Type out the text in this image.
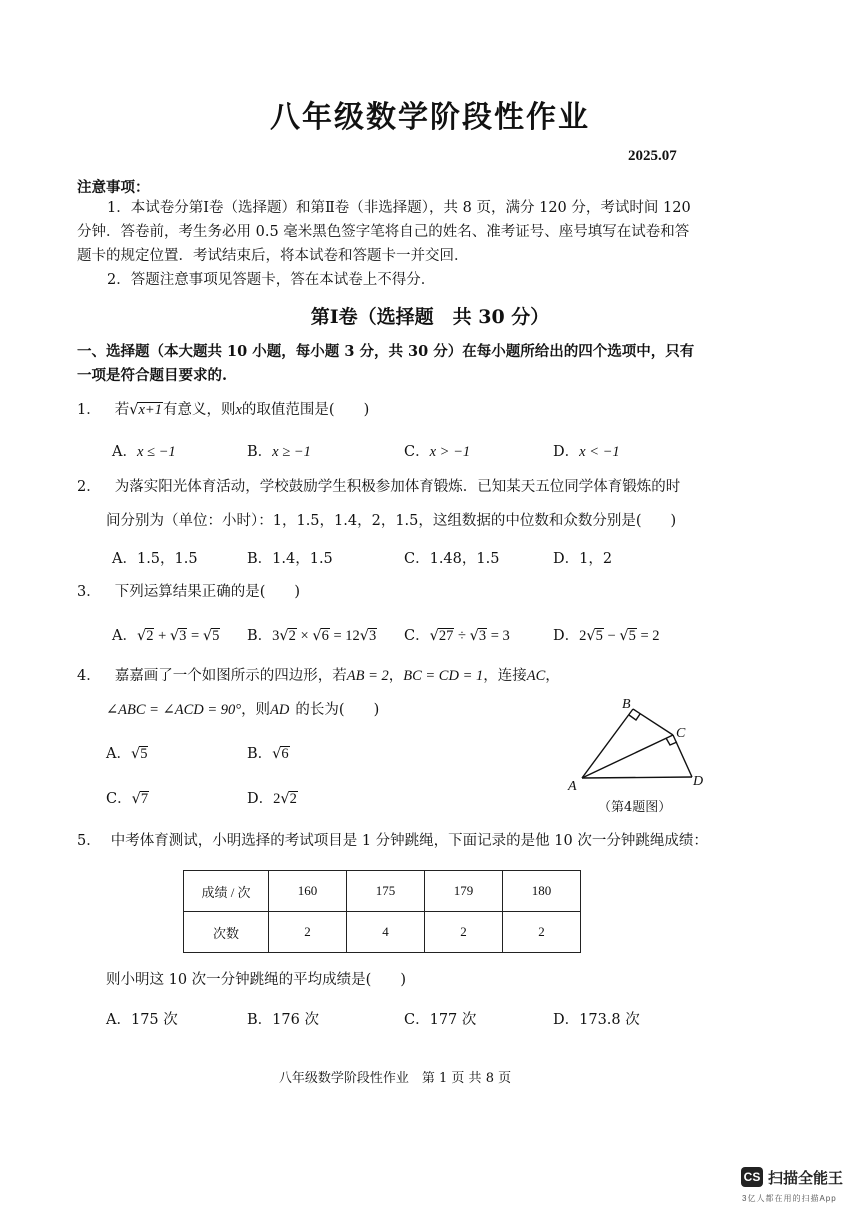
八年级数学阶段性作业
2025.07
注意事项：
1．本试卷分第Ⅰ卷（选择题）和第Ⅱ卷（非选择题），共 8 页，满分 120 分，考试时间 120
分钟．答卷前，考生务必用 0.5 毫米黑色签字笔将自己的姓名、准考证号、座号填写在试卷和答
题卡的规定位置．考试结束后，将本试卷和答题卡一并交回．
2．答题注意事项见答题卡，答在本试卷上不得分．
第Ⅰ卷（选择题　共 30 分）
一、选择题（本大题共 10 小题，每小题 3 分，共 30 分）在每小题所给出的四个选项中，只有
一项是符合题目要求的.
1． 若√x+1有意义，则x的取值范围是(　　)
A．x ≤ −1	B．x ≥ −1	C．x > −1	D．x < −1
2． 为落实阳光体育活动，学校鼓励学生积极参加体育锻炼．已知某天五位同学体育锻炼的时
间分别为（单位：小时）：1，1.5，1.4，2，1.5，这组数据的中位数和众数分别是(　　)
A．1.5，1.5	B．1.4，1.5	C．1.48，1.5	D．1，2
3． 下列运算结果正确的是(　　)
A．√2 + √3 = √5 B．3√2 × √6 = 12√3 C．√27 ÷ √3 = 3	D．2√5 − √5 = 2
4． 嘉嘉画了一个如图所示的四边形，若AB = 2，BC = CD = 1，连接AC，
∠ABC = ∠ACD = 90°，则AD 的长为(　　)
A．√5	B．√6
C．√7	D．2√2
A
B
C
D
（第4题图）
5． 中考体育测试，小明选择的考试项目是 1 分钟跳绳，下面记录的是他 10 次一分钟跳绳成绩：
成绩 / 次	160	175	179	180
次数	2	4	2	2
则小明这 10 次一分钟跳绳的平均成绩是(　　)
A．175 次	B．176 次	C．177 次	D．173.8 次
八年级数学阶段性作业　第 1 页 共 8 页
CS 扫描全能王
3亿人都在用的扫描App
